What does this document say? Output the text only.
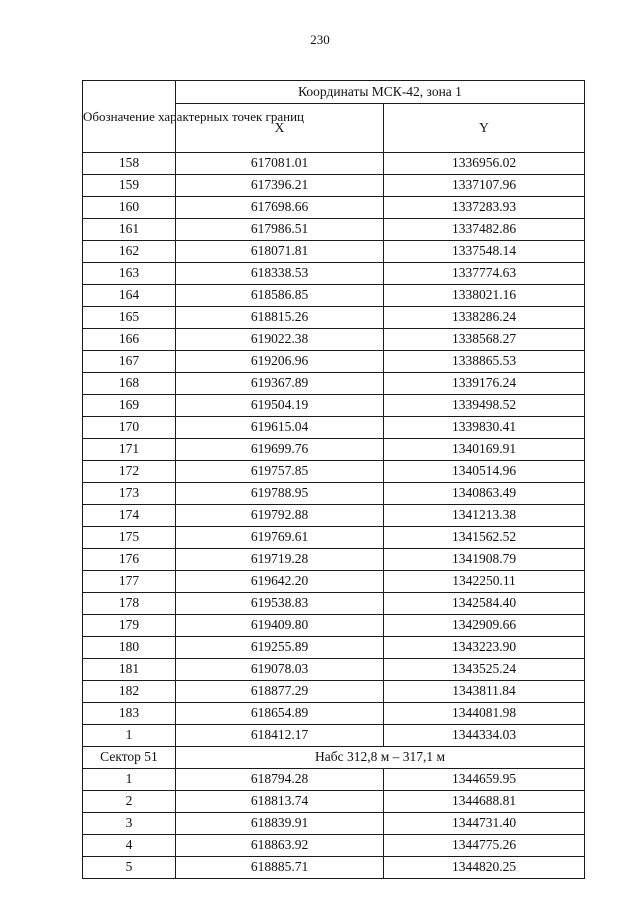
230
Обозначение характерных точек границ	Координаты МСК-42, зона 1	
	X	Y
158	617081.01	1336956.02
159	617396.21	1337107.96
160	617698.66	1337283.93
161	617986.51	1337482.86
162	618071.81	1337548.14
163	618338.53	1337774.63
164	618586.85	1338021.16
165	618815.26	1338286.24
166	619022.38	1338568.27
167	619206.96	1338865.53
168	619367.89	1339176.24
169	619504.19	1339498.52
170	619615.04	1339830.41
171	619699.76	1340169.91
172	619757.85	1340514.96
173	619788.95	1340863.49
174	619792.88	1341213.38
175	619769.61	1341562.52
176	619719.28	1341908.79
177	619642.20	1342250.11
178	619538.83	1342584.40
179	619409.80	1342909.66
180	619255.89	1343223.90
181	619078.03	1343525.24
182	618877.29	1343811.84
183	618654.89	1344081.98
1	618412.17	1344334.03
Сектор 51	Набс 312,8 м – 317,1 м	
1	618794.28	1344659.95
2	618813.74	1344688.81
3	618839.91	1344731.40
4	618863.92	1344775.26
5	618885.71	1344820.25
